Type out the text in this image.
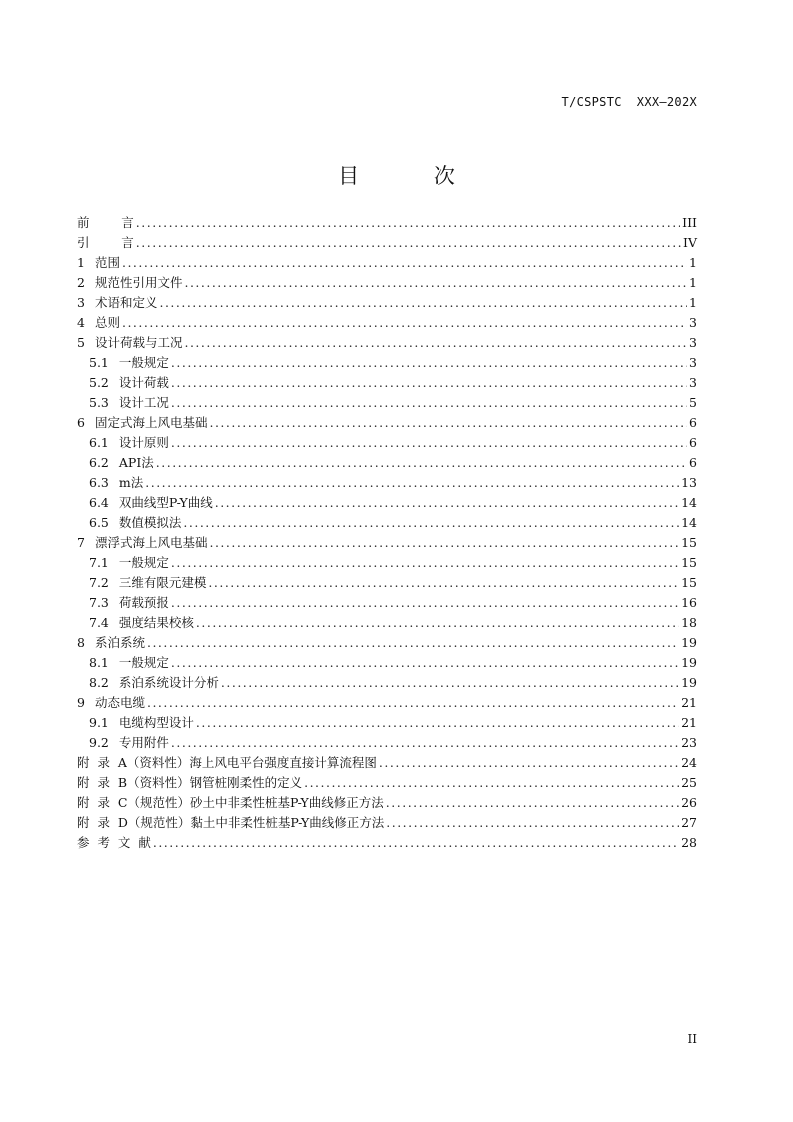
T/CSPSTC  XXX—202X
目 次
前        言 .....	III
引        言 .....	IV
1 范围 .....	1
2 规范性引用文件 .....	1
3 术语和定义 .....	1
4 总则 .....	3
5 设计荷载与工况 .....	3
5.1 一般规定 .....	3
5.2 设计荷载 .....	3
5.3 设计工况 .....	5
6 固定式海上风电基础 .....	6
6.1 设计原则 .....	6
6.2 API法 .....	6
6.3 m法 .....	13
6.4 双曲线型P-Y曲线 .....	14
6.5 数值模拟法 .....	14
7 漂浮式海上风电基础 .....	15
7.1 一般规定 .....	15
7.2 三维有限元建模 .....	15
7.3 荷载预报 .....	16
7.4 强度结果校核 .....	18
8 系泊系统 .....	19
8.1 一般规定 .....	19
8.2 系泊系统设计分析 .....	19
9 动态电缆 .....	21
9.1 电缆构型设计 .....	21
9.2 专用附件 .....	23
附  录  A（资料性）海上风电平台强度直接计算流程图 .....	24
附  录  B（资料性）钢管桩刚柔性的定义 .....	25
附  录  C（规范性）砂土中非柔性桩基P-Y曲线修正方法 .....	26
附  录  D（规范性）黏土中非柔性桩基P-Y曲线修正方法 .....	27
参  考  文  献 .....	28
II
